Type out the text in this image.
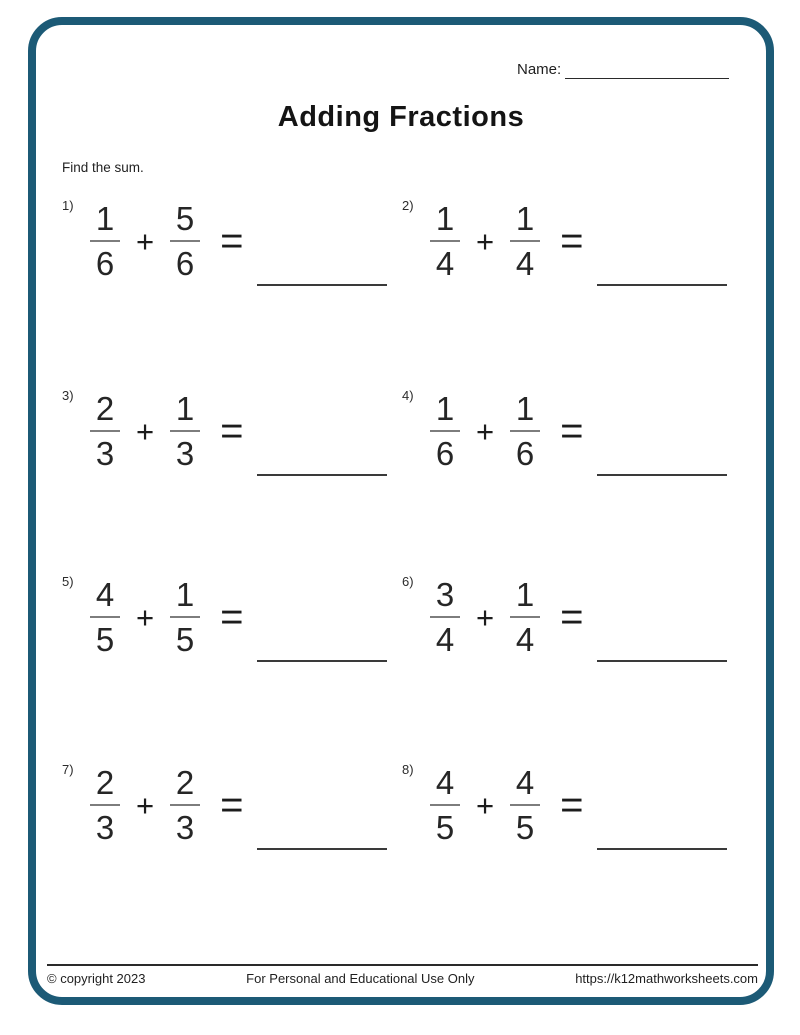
Name:
Adding Fractions
Find the sum.
$1) \frac{1}{6} + \frac{5}{6}$ =
$2) \frac{1}{4} + \frac{1}{4}$ =
$3) \frac{2}{3} + \frac{1}{3}$ =
$4) \frac{1}{6} + \frac{1}{6}$ =
$5) \frac{4}{5} + \frac{1}{5}$ =
$6) \frac{3}{4} + \frac{1}{4}$ =
$7) \frac{2}{3} + \frac{2}{3}$ =
$8) \frac{4}{5} + \frac{4}{5}$ =
© copyright 2023	For Personal and Educational Use Only	https://k12mathworksheets.com
